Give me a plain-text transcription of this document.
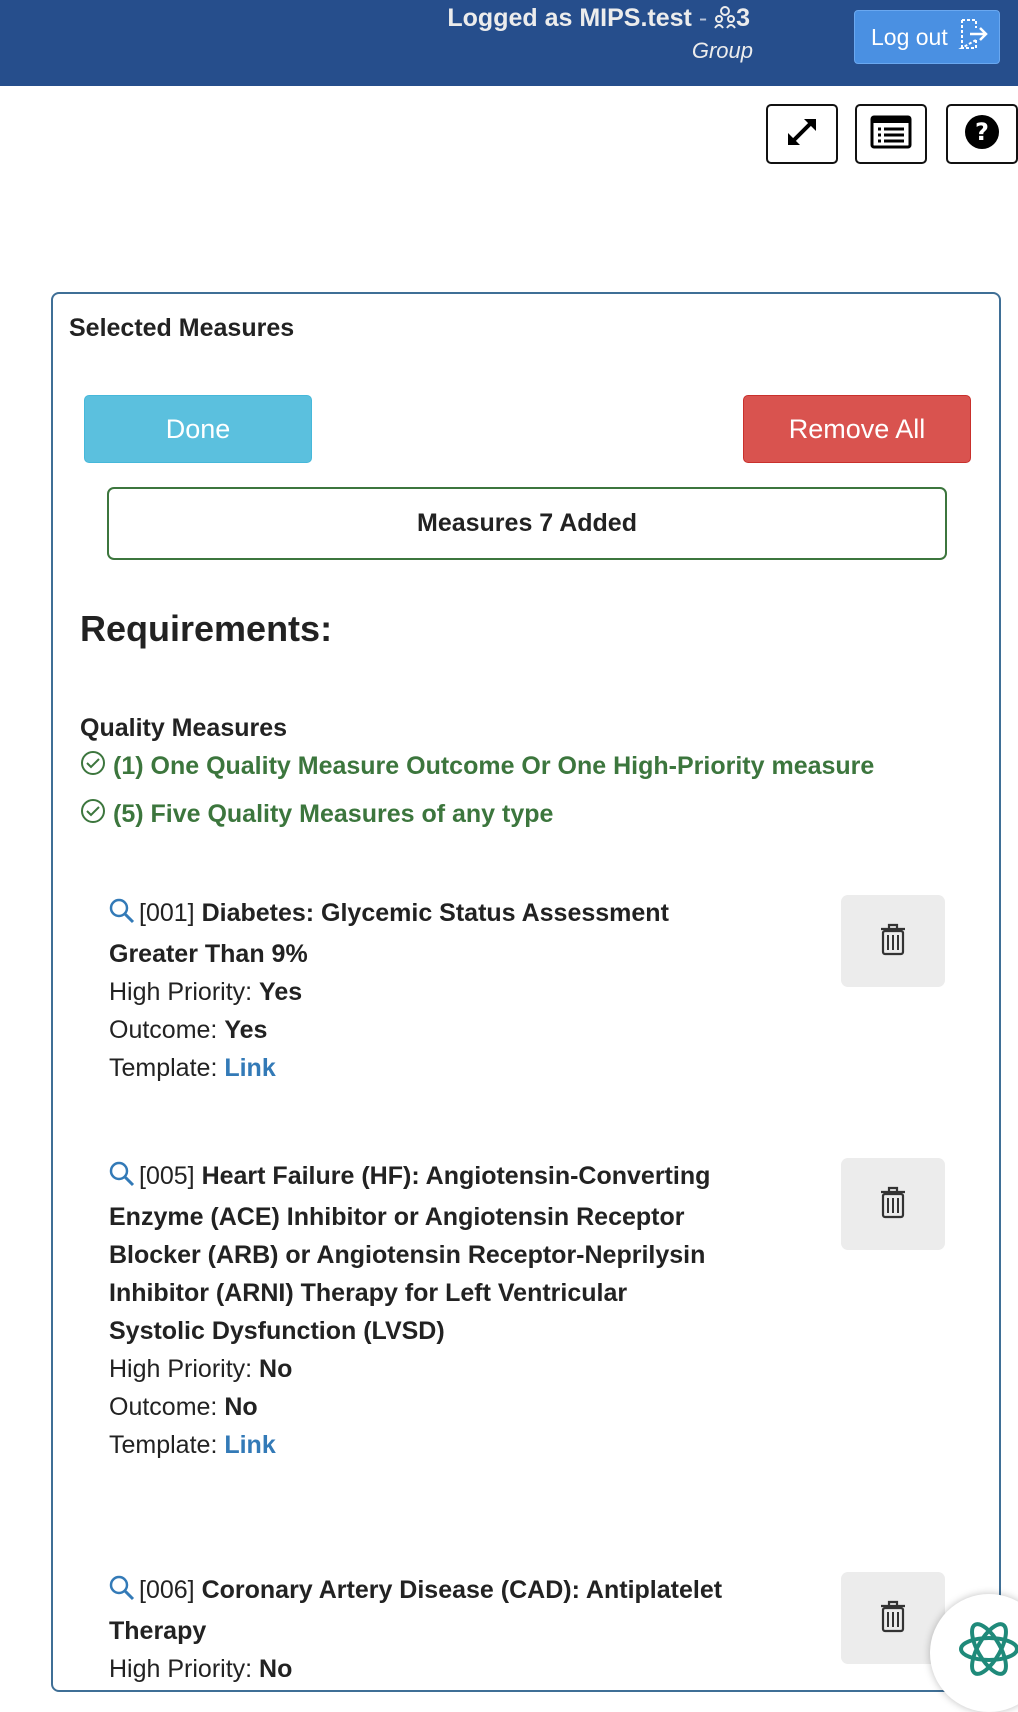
Logged as MIPS.test - 3
Group
Log out
?
Selected Measures
Done	Remove All
Measures 7 Added
Requirements:
Quality Measures
(1) One Quality Measure Outcome Or One High-Priority measure
(5) Five Quality Measures of any type
[001] Diabetes: Glycemic Status Assessment Greater Than 9%
High Priority: Yes
Outcome: Yes
Template: Link
[005] Heart Failure (HF): Angiotensin-Converting Enzyme (ACE) Inhibitor or Angiotensin Receptor Blocker (ARB) or Angiotensin Receptor-Neprilysin Inhibitor (ARNI) Therapy for Left Ventricular Systolic Dysfunction (LVSD)
High Priority: No
Outcome: No
Template: Link
[006] Coronary Artery Disease (CAD): Antiplatelet Therapy
High Priority: No
